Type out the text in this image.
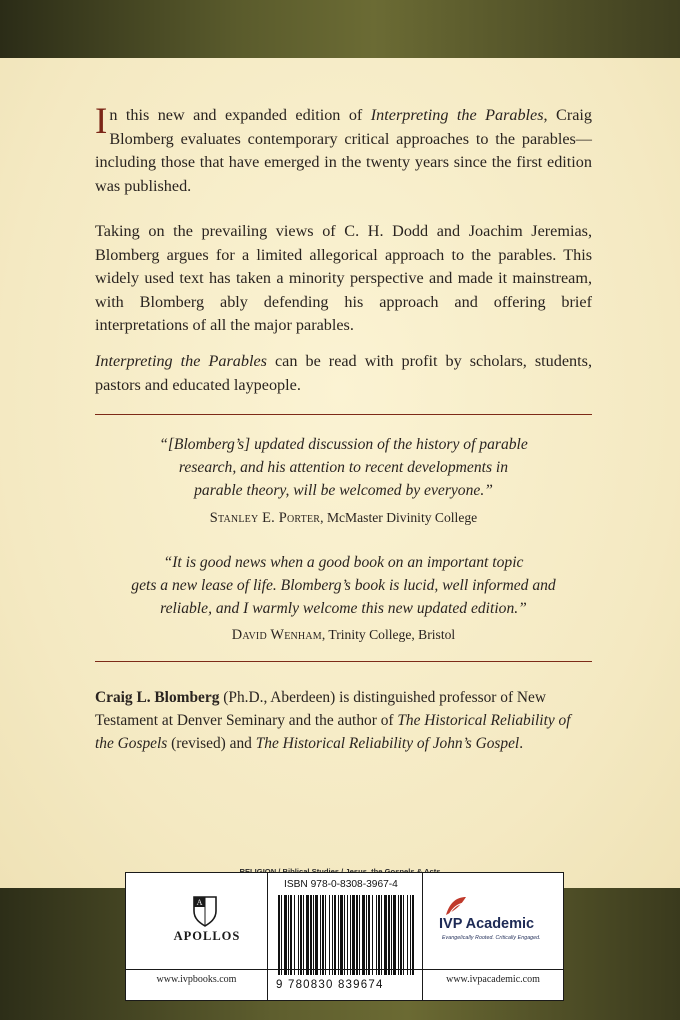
In this new and expanded edition of Interpreting the Parables, Craig Blomberg evaluates contemporary critical approaches to the parables—including those that have emerged in the twenty years since the first edition was published.
Taking on the prevailing views of C. H. Dodd and Joachim Jeremias, Blomberg argues for a limited allegorical approach to the parables. This widely used text has taken a minority perspective and made it mainstream, with Blomberg ably defending his approach and offering brief interpretations of all the major parables.
Interpreting the Parables can be read with profit by scholars, students, pastors and educated laypeople.
“[Blomberg’s] updated discussion of the history of parable
research, and his attention to recent developments in
parable theory, will be welcomed by everyone.”
Stanley E. Porter, McMaster Divinity College
“It is good news when a good book on an important topic
gets a new lease of life. Blomberg’s book is lucid, well informed and
reliable, and I warmly welcome this new updated edition.”
David Wenham, Trinity College, Bristol
Craig L. Blomberg (Ph.D., Aberdeen) is distinguished professor of New Testament at Denver Seminary and the author of The Historical Reliability of the Gospels (revised) and The Historical Reliability of John’s Gospel.
A
APOLLOS
ISBN 978-0-8308-3967-4
9 780830 839674
IVP Academic
Evangelically Rooted. Critically Engaged.
www.ivpbooks.com	www.ivpacademic.com
